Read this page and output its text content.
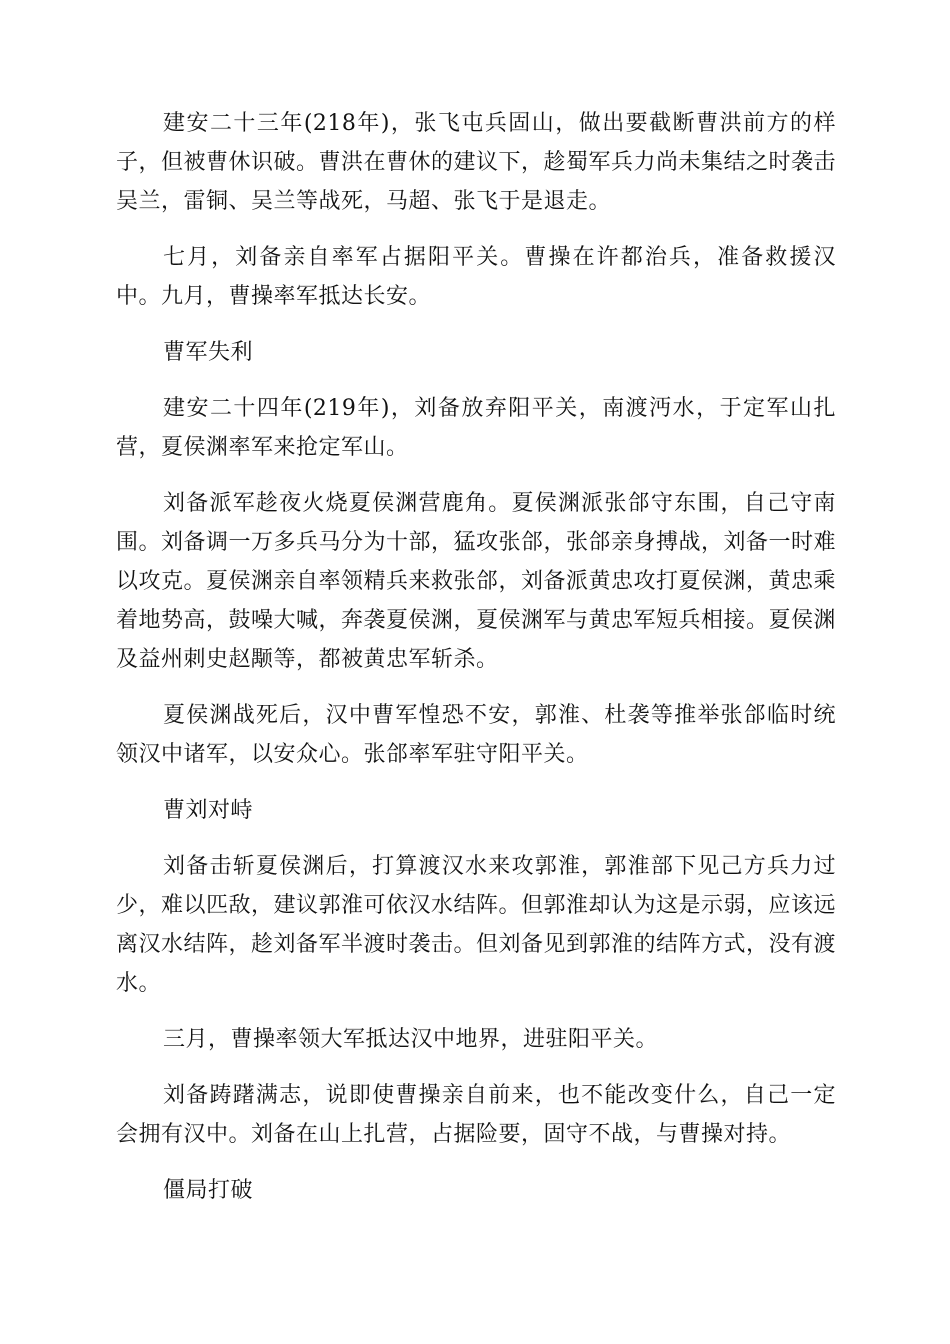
建安二十三年(218年)，张飞屯兵固山，做出要截断曹洪前方的样子，但被曹休识破。曹洪在曹休的建议下，趁蜀军兵力尚未集结之时袭击吴兰，雷铜、吴兰等战死，马超、张飞于是退走。

七月，刘备亲自率军占据阳平关。曹操在许都治兵，准备救援汉中。九月，曹操率军抵达长安。

曹军失利

建安二十四年(219年)，刘备放弃阳平关，南渡沔水，于定军山扎营，夏侯渊率军来抢定军山。

刘备派军趁夜火烧夏侯渊营鹿角。夏侯渊派张郃守东围，自己守南围。刘备调一万多兵马分为十部，猛攻张郃，张郃亲身搏战，刘备一时难以攻克。夏侯渊亲自率领精兵来救张郃，刘备派黄忠攻打夏侯渊，黄忠乘着地势高，鼓噪大喊，奔袭夏侯渊，夏侯渊军与黄忠军短兵相接。夏侯渊及益州刺史赵颙等，都被黄忠军斩杀。

夏侯渊战死后，汉中曹军惶恐不安，郭淮、杜袭等推举张郃临时统领汉中诸军，以安众心。张郃率军驻守阳平关。

曹刘对峙

刘备击斩夏侯渊后，打算渡汉水来攻郭淮，郭淮部下见己方兵力过少，难以匹敌，建议郭淮可依汉水结阵。但郭淮却认为这是示弱，应该远离汉水结阵，趁刘备军半渡时袭击。但刘备见到郭淮的结阵方式，没有渡水。

三月，曹操率领大军抵达汉中地界，进驻阳平关。

刘备踌躇满志，说即使曹操亲自前来，也不能改变什么，自己一定会拥有汉中。刘备在山上扎营，占据险要，固守不战，与曹操对持。

僵局打破
